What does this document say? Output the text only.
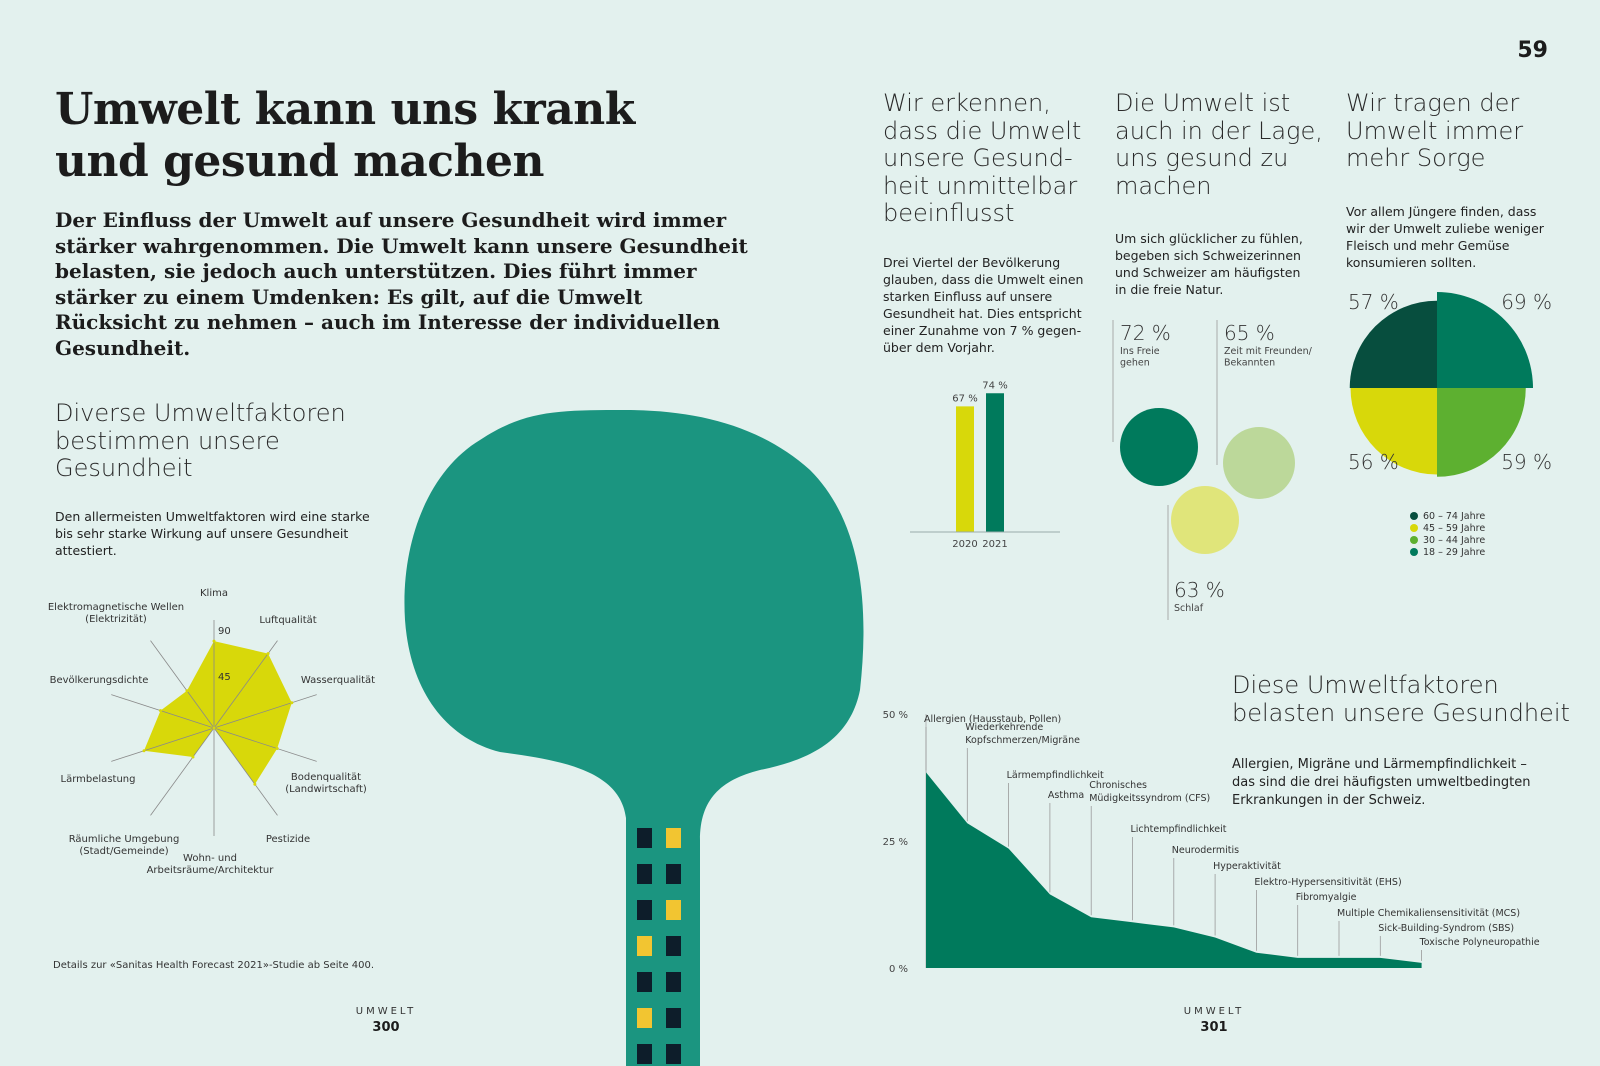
59
Umwelt kann uns krank
und gesund machen

Der Einfluss der Umwelt auf unsere Gesundheit wird immer stärker wahrgenommen. Die Umwelt kann unsere Gesundheit belasten, sie jedoch auch unterstützen. Dies führt immer stärker zu einem Umdenken: Es gilt, auf die Umwelt Rücksicht zu nehmen – auch im Interesse der individuellen Gesundheit.

Diverse Umweltfaktoren
bestimmen unsere
Gesundheit

Den allermeisten Umweltfaktoren wird eine starke
bis sehr starke Wirkung auf unsere Gesundheit
attestiert.

90
45
Klima
Luftqualität
Wasserqualität
Bodenqualität (Landwirtschaft)
Pestizide
Wohn- und Arbeitsräume/Architektur
Räumliche Umgebung (Stadt/Gemeinde)
Lärmbelastung
Bevölkerungsdichte
Elektromagnetische Wellen (Elektrizität)
Details zur «Sanitas Health Forecast 2021»-Studie ab Seite 400.
UMWELT
300
UMWELT
301

Wir erkennen,
dass die Umwelt
unsere Gesund-
heit unmittelbar
beeinflusst

Drei Viertel der Bevölkerung
glauben, dass die Umwelt einen
starken Einfluss auf unsere
Gesundheit hat. Dies entspricht
einer Zunahme von 7 % gegen-
über dem Vorjahr.

67 %
2020
74 %
2021

Die Umwelt ist
auch in der Lage,
uns gesund zu
machen

Um sich glücklicher zu fühlen,
begeben sich Schweizerinnen
und Schweizer am häufigsten
in die freie Natur.

72 %
Ins Freie gehen
65 %
Zeit mit Freunden/ Bekannten
63 %
Schlaf

Wir tragen der
Umwelt immer
mehr Sorge

Vor allem Jüngere finden, dass
wir der Umwelt zuliebe weniger
Fleisch und mehr Gemüse
konsumieren sollten.

57 %	69 %
59 %
56 %
60 – 74 Jahre
45 – 59 Jahre
30 – 44 Jahre
18 – 29 Jahre

Diese Umweltfaktoren
belasten unsere Gesundheit

Allergien, Migräne und Lärmempfindlichkeit –
das sind die drei häufigsten umweltbedingten
Erkrankungen in der Schweiz.

50 %
25 %
0 %
Allergien (Hausstaub, Pollen)
Wiederkehrende Kopfschmerzen/Migräne
Lärmempfindlichkeit
Asthma
Chronisches Müdigkeitssyndrom (CFS)
Lichtempfindlichkeit
Neurodermitis
Hyperaktivität
Elektro-Hypersensitivität (EHS)
Fibromyalgie
Multiple Chemikaliensensitivität (MCS)
Sick-Building-Syndrom (SBS)
Toxische Polyneuropathie
